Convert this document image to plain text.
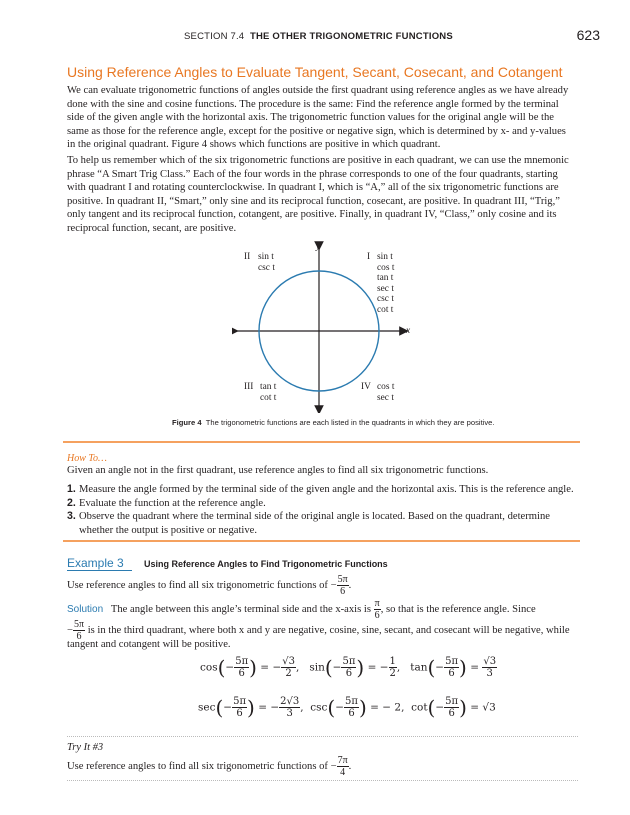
SECTION 7.4 THE OTHER TRIGONOMETRIC FUNCTIONS	623
Using Reference Angles to Evaluate Tangent, Secant, Cosecant, and Cotangent
We can evaluate trigonometric functions of angles outside the first quadrant using reference angles as we have already
done with the sine and cosine functions. The procedure is the same: Find the reference angle formed by the terminal
side of the given angle with the horizontal axis. The trigonometric function values for the original angle will be the
same as those for the reference angle, except for the positive or negative sign, which is determined by x- and y-values
in the original quadrant. Figure 4 shows which functions are positive in which quadrant.
To help us remember which of the six trigonometric functions are positive in each quadrant, we can use the mnemonic
phrase “A Smart Trig Class.” Each of the four words in the phrase corresponds to one of the four quadrants, starting
with quadrant I and rotating counterclockwise. In quadrant I, which is “A,” all of the six trigonometric functions are
positive. In quadrant II, “Smart,” only sine and its reciprocal function, cosecant, are positive. In quadrant III, “Trig,”
only tangent and its reciprocal function, cotangent, are positive. Finally, in quadrant IV, “Class,” only cosine and its
reciprocal function, secant, are positive.
x
y
II sin t
csc t
I sin t
cos t
tan t
sec t
csc t
cot t
III tan t
cot t
IV cos t
sec t
Figure 4 The trigonometric functions are each listed in the quadrants in which they are positive.
How To…
Given an angle not in the first quadrant, use reference angles to find all six trigonometric functions.
1. Measure the angle formed by the terminal side of the given angle and the horizontal axis. This is the reference angle.
2. Evaluate the function at the reference angle.
3. Observe the quadrant where the terminal side of the original angle is located. Based on the quadrant, determine whether the output is positive or negative.
Example 3 Using Reference Angles to Find Trigonometric Functions
Use reference angles to find all six trigonometric functions of − $\frac{5\pi}{6}$ .
Solution The angle between this angle’s terminal side and the x-axis is $\frac{\pi}{6}$ , so that is the reference angle. Since
− $\frac{5\pi}{6}$ is in the third quadrant, where both x and y are negative, cosine, sine, secant, and cosecant will be negative, while
tangent and cotangent will be positive.
$\cos(- \frac{5\pi}{6}$ ) = − $\frac{√3}{2}$ ,   $\sin(- \frac{5\pi}{6}$ ) = − $\frac{1}{2}$ ,   $\tan(- \frac{5\pi}{6}$ ) = $\frac{√3}{3}$
$\sec(- \frac{5\pi}{6}$ ) = − $\frac{2√3}{3}$ ,  $\csc(- \frac{5\pi}{6}$ ) = − 2,  $\cot(- \frac{5\pi}{6}$ ) = √3
Try It #3
Use reference angles to find all six trigonometric functions of − $\frac{7\pi}{4}$ .
